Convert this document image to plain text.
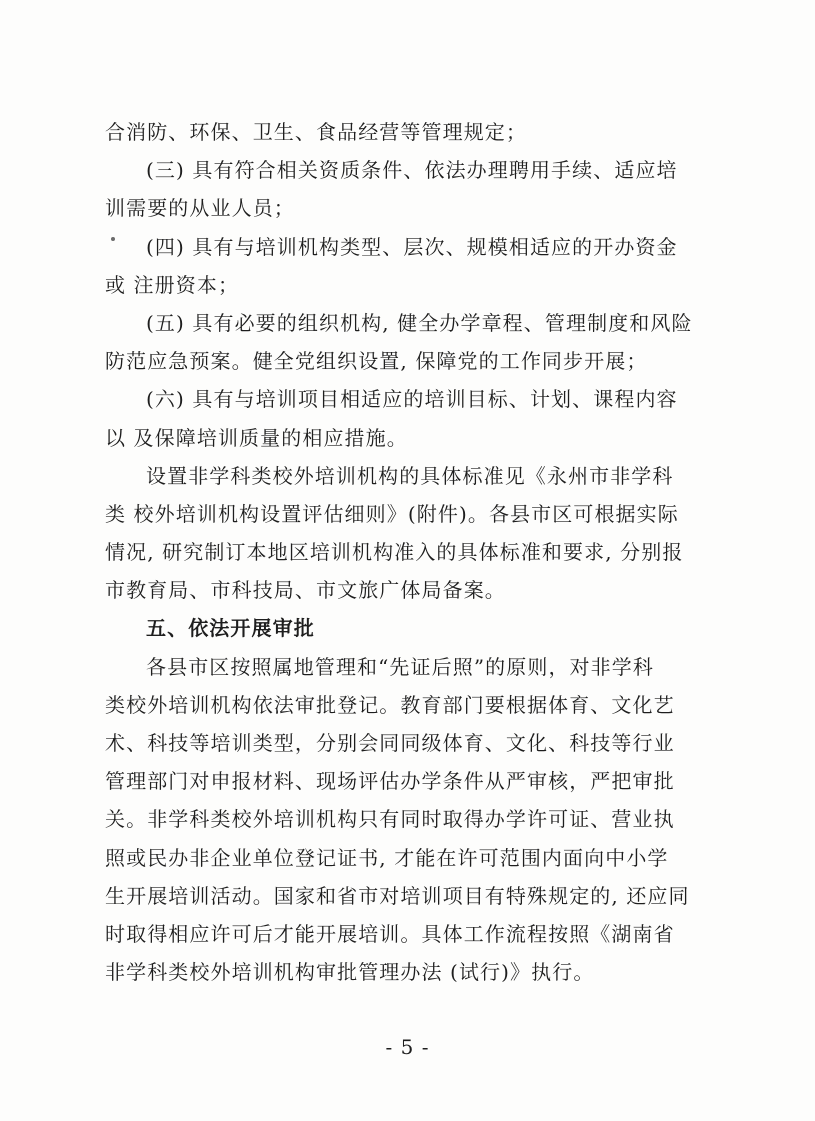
合消防、环保、卫生、食品经营等管理规定；
(三) 具有符合相关资质条件、依法办理聘用手续、适应培
训需要的从业人员；
(四) 具有与培训机构类型、层次、规模相适应的开办资金
或 注册资本；
(五) 具有必要的组织机构, 健全办学章程、管理制度和风险
防范应急预案。健全党组织设置, 保障党的工作同步开展；
(六) 具有与培训项目相适应的培训目标、计划、课程内容
以 及保障培训质量的相应措施。
设置非学科类校外培训机构的具体标准见《永州市非学科
类 校外培训机构设置评估细则》(附件)。各县市区可根据实际
情况, 研究制订本地区培训机构准入的具体标准和要求, 分别报
市教育局、市科技局、市文旅广体局备案。
五、依法开展审批
各县市区按照属地管理和“先证后照”的原则，对非学科
类校外培训机构依法审批登记。教育部门要根据体育、文化艺
术、科技等培训类型，分别会同同级体育、文化、科技等行业
管理部门对申报材料、现场评估办学条件从严审核，严把审批
关。非学科类校外培训机构只有同时取得办学许可证、营业执
照或民办非企业单位登记证书, 才能在许可范围内面向中小学
生开展培训活动。国家和省市对培训项目有特殊规定的, 还应同
时取得相应许可后才能开展培训。具体工作流程按照《湖南省
非学科类校外培训机构审批管理办法 (试行)》执行。
- 5 -
